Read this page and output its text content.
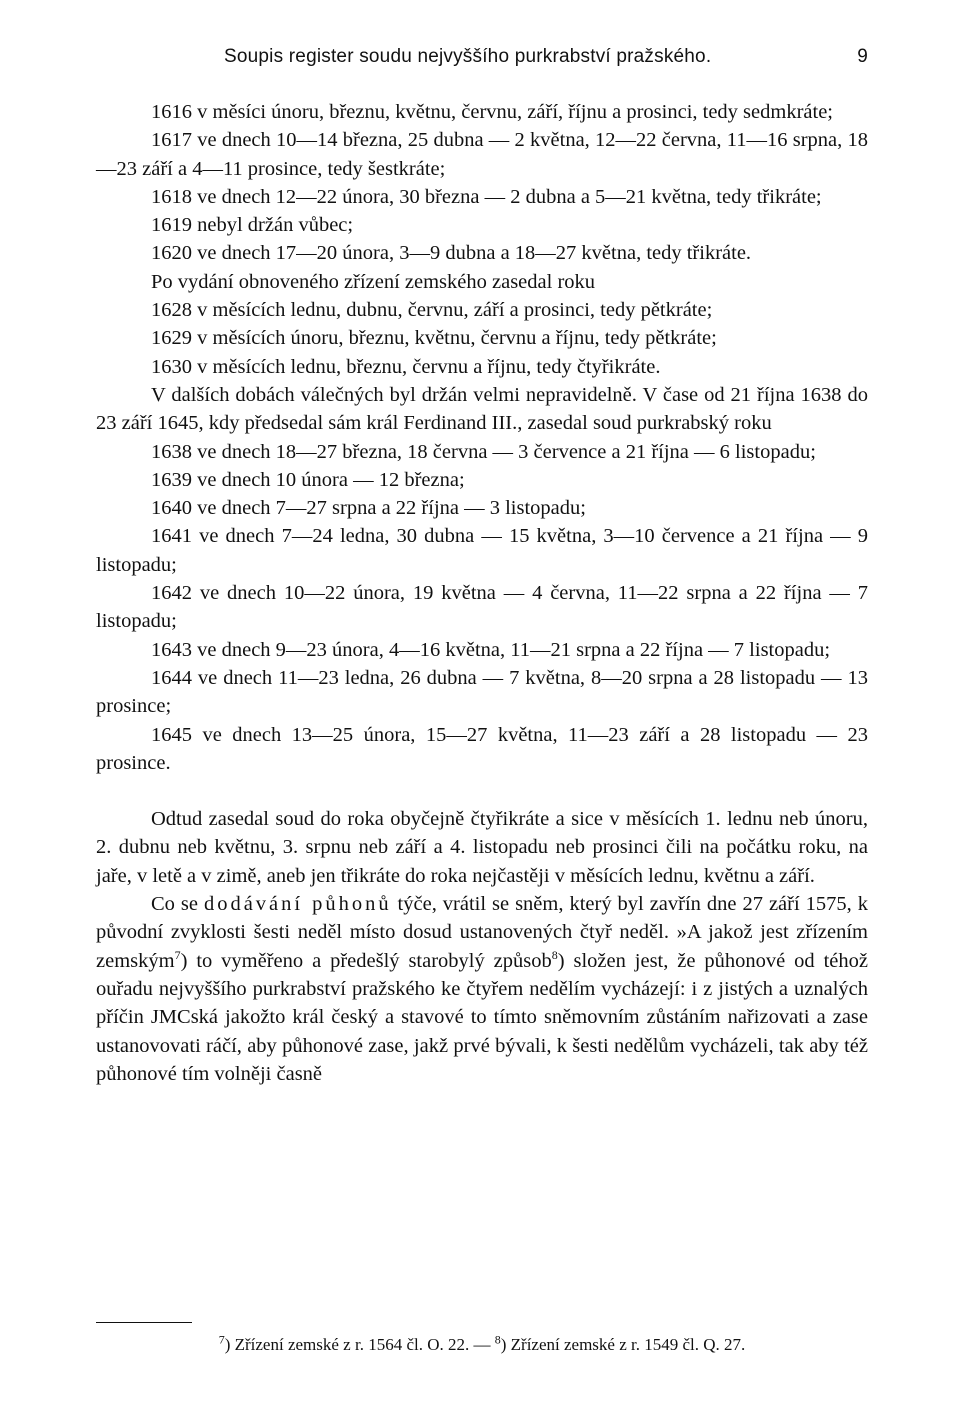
Soupis register soudu nejvyššího purkrabství pražského.	9

1616 v měsíci únoru, březnu, květnu, červnu, září, říjnu a prosinci, tedy sedmkráte;

1617 ve dnech 10—14 března, 25 dubna — 2 května, 12—22 června, 11—16 srpna, 18—23 září a 4—11 prosince, tedy šestkráte;

1618 ve dnech 12—22 února, 30 března — 2 dubna a 5—21 května, tedy třikráte;

1619 nebyl držán vůbec;

1620 ve dnech 17—20 února, 3—9 dubna a 18—27 května, tedy třikráte.

Po vydání obnoveného zřízení zemského zasedal roku

1628 v měsících lednu, dubnu, červnu, září a prosinci, tedy pětkráte;

1629 v měsících únoru, březnu, květnu, červnu a říjnu, tedy pětkráte;

1630 v měsících lednu, březnu, červnu a říjnu, tedy čtyřikráte.

V dalších dobách válečných byl držán velmi nepravidelně. V čase od 21 října 1638 do 23 září 1645, kdy předsedal sám král Ferdinand III., zasedal soud purkrabský roku

1638 ve dnech 18—27 března, 18 června — 3 července a 21 října — 6 listopadu;

1639 ve dnech 10 února — 12 března;

1640 ve dnech 7—27 srpna a 22 října — 3 listopadu;

1641 ve dnech 7—24 ledna, 30 dubna — 15 května, 3—10 července a 21 října — 9 listopadu;

1642 ve dnech 10—22 února, 19 května — 4 června, 11—22 srpna a 22 října — 7 listopadu;

1643 ve dnech 9—23 února, 4—16 května, 11—21 srpna a 22 října — 7 listopadu;

1644 ve dnech 11—23 ledna, 26 dubna — 7 května, 8—20 srpna a 28 listopadu — 13 prosince;

1645 ve dnech 13—25 února, 15—27 května, 11—23 září a 28 listopadu — 23 prosince.

Odtud zasedal soud do roka obyčejně čtyřikráte a sice v měsících 1. lednu neb únoru, 2. dubnu neb květnu, 3. srpnu neb září a 4. listopadu neb prosinci čili na počátku roku, na jaře, v letě a v zimě, aneb jen třikráte do roka nejčastěji v měsících lednu, květnu a září.

Co se dodávání půhonů týče, vrátil se sněm, který byl zavřín dne 27 září 1575, k původní zvyklosti šesti neděl místo dosud ustanovených čtyř neděl. »A jakož jest zřízením zemským$^7$) to vyměřeno a předešlý starobylý způsob$^8$) složen jest, že půhonové od téhož ouřadu nejvyššího purkrabství pražského ke čtyřem nedělím vycházejí: i z jistých a uznalých příčin JMCská jakožto král český a stavové to tímto sněmovním zůstáním nařizovati a zase ustanovovati ráčí, aby půhonové zase, jakž prvé bývali, k šesti nedělům vycházeli, tak aby též půhonové tím volněji časně

$^7$) Zřízení zemské z r. 1564 čl. O. 22. — $^8$) Zřízení zemské z r. 1549 čl. Q. 27.
